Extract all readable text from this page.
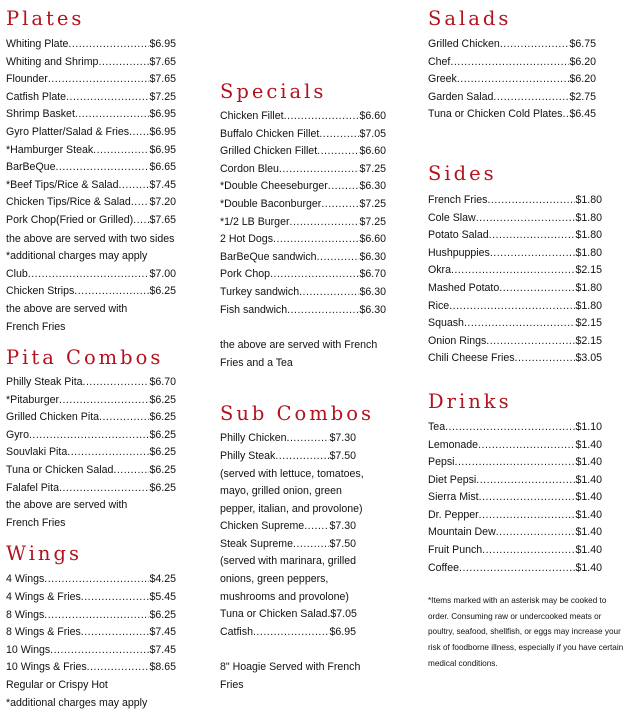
Plates
Whiting Plate .....	$6.95
Whiting and Shrimp .....	$7.65
Flounder .....	$7.65
Catfish Plate .....	$7.25
Shrimp Basket .....	$6.95
Gyro Platter/Salad & Fries ..... $6.95
*Hamburger Steak .....	$6.95
BarBeQue .....	$6.65
*Beef Tips/Rice & Salad .....	$7.45
Chicken Tips/Rice & Salad ..... $7.20
Pork Chop(Fried or Grilled) ..... $7.65
the above are served with two sides
*additional charges may apply
Club .....	$7.00
Chicken Strips .....	$6.25
the above are served with French Fries
Pita Combos
Philly Steak Pita .....	$6.70
*Pitaburger .....	$6.25
Grilled Chicken Pita .....	$6.25
Gyro .....	$6.25
Souvlaki Pita .....	$6.25
Tuna or Chicken Salad .....	$6.25
Falafel Pita .....	$6.25
the above are served with French Fries
Wings
4 Wings .....	$4.25
4 Wings & Fries .....	$5.45
8 Wings .....	$6.25
8 Wings & Fries .....	$7.45
10 Wings .....	$7.45
10 Wings & Fries .....	$8.65
Regular or Crispy Hot
*additional charges may apply
Specials
Chicken Fillet .....	$6.60
Buffalo Chicken Fillet .....	$7.05
Grilled Chicken Fillet .....	$6.60
Cordon Bleu .....	$7.25
*Double Cheeseburger .....	$6.30
*Double Baconburger .....	$7.25
*1/2 LB Burger .....	$7.25
2 Hot Dogs .....	$6.60
BarBeQue sandwich .....	$6.30
Pork Chop .....	$6.70
Turkey sandwich .....	$6.30
Fish sandwich .....	$6.30
the above are served with French Fries and a Tea
Sub Combos
Philly Chicken .....	$7.30
Philly Steak .....	$7.50
(served with lettuce, tomatoes, mayo, grilled onion, green pepper, italian, and provolone)
Chicken Supreme ..... $7.30
Steak Supreme .....	$7.50
(served with marinara, grilled onions, green peppers, mushrooms and provolone)
Tuna or Chicken Salad ..... $7.05
Catfish .....	$6.95
8" Hoagie Served with French Fries
Salads
Grilled Chicken .....	$6.75
Chef .....	$6.20
Greek .....	$6.20
Garden Salad .....	$2.75
Tuna or Chicken Cold Plates ..... $6.45
Sides
French Fries .....	$1.80
Cole Slaw .....	$1.80
Potato Salad .....	$1.80
Hushpuppies .....	$1.80
Okra .....	$2.15
Mashed Potato .....	$1.80
Rice .....	$1.80
Squash .....	$2.15
Onion Rings .....	$2.15
Chili Cheese Fries .....	$3.05
Drinks
Tea .....	$1.10
Lemonade .....	$1.40
Pepsi .....	$1.40
Diet Pepsi .....	$1.40
Sierra Mist .....	$1.40
Dr. Pepper .....	$1.40
Mountain Dew .....	$1.40
Fruit Punch .....	$1.40
Coffee .....	$1.40
*Items marked with an asterisk may be cooked to order. Consuming raw or undercooked meats or poultry, seafood, shellfish, or eggs may increase your risk of foodborne illness, especially if you have certain medical conditions.
